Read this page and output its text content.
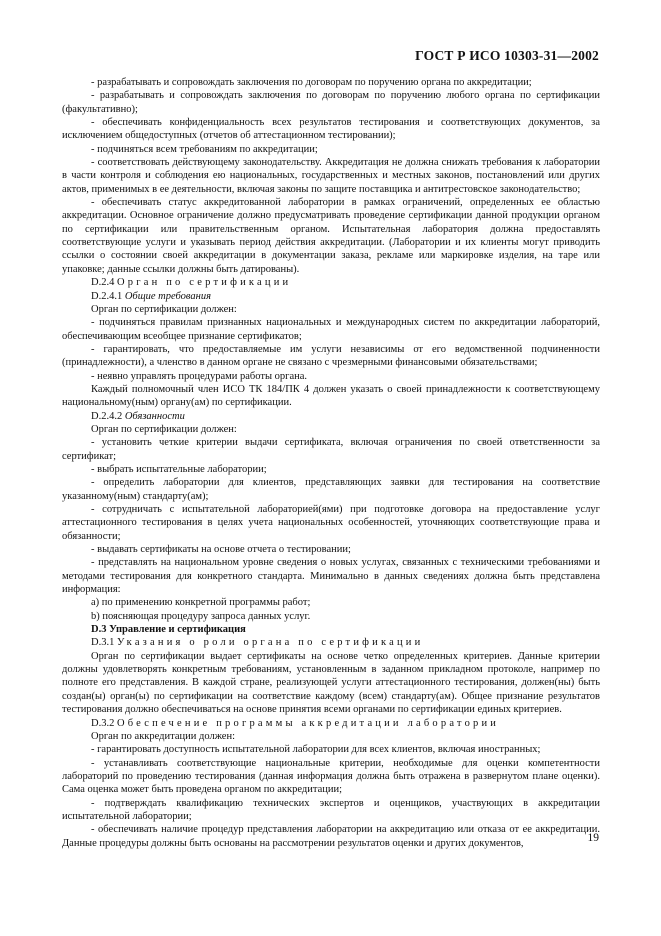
ГОСТ Р ИСО 10303-31—2002

- разрабатывать и сопровождать заключения по договорам по поручению органа по аккредитации;

- разрабатывать и сопровождать заключения по договорам по поручению любого органа по сертификации (факультативно);

- обеспечивать конфиденциальность всех результатов тестирования и соответствующих документов, за исключением общедоступных (отчетов об аттестационном тестировании);

- подчиняться всем требованиям по аккредитации;

- соответствовать действующему законодательству. Аккредитация не должна снижать требования к лаборатории в части контроля и соблюдения ею национальных, государственных и местных законов, постановлений или других актов, применимых в ее деятельности, включая законы по защите поставщика и антитрестовское законодательство;

- обеспечивать статус аккредитованной лаборатории в рамках ограничений, определенных ее областью аккредитации. Основное ограничение должно предусматривать проведение сертификации данной продукции органом по сертификации или правительственным органом. Испытательная лаборатория должна предоставлять соответствующие услуги и указывать период действия аккредитации. (Лаборатории и их клиенты могут приводить ссылки о состоянии своей аккредитации в документации заказа, рекламе или маркировке изделия, на таре или упаковке; данные ссылки должны быть датированы).

D.2.4 Орган по сертификации

D.2.4.1 Общие требования

Орган по сертификации должен:

- подчиняться правилам признанных национальных и международных систем по аккредитации лабораторий, обеспечивающим всеобщее признание сертификатов;

- гарантировать, что предоставляемые им услуги независимы от его ведомственной подчиненности (принадлежности), а членство в данном органе не связано с чрезмерными финансовыми обязательствами;

- неявно управлять процедурами работы органа.

Каждый полномочный член ИСО ТК 184/ПК 4 должен указать о своей принадлежности к соответствующему национальному(ным) органу(ам) по сертификации.

D.2.4.2 Обязанности

Орган по сертификации должен:

- установить четкие критерии выдачи сертификата, включая ограничения по своей ответственности за сертификат;

- выбрать испытательные лаборатории;

- определить лаборатории для клиентов, представляющих заявки для тестирования на соответствие указанному(ным) стандарту(ам);

- сотрудничать с испытательной лабораторией(ями) при подготовке договора на предоставление услуг аттестационного тестирования в целях учета национальных особенностей, уточняющих соответствующие права и обязанности;

- выдавать сертификаты на основе отчета о тестировании;

- представлять на национальном уровне сведения о новых услугах, связанных с техническими требованиями и методами тестирования для конкретного стандарта. Минимально в данных сведениях должна быть представлена информация:

а) по применению конкретной программы работ;

b) поясняющая процедуру запроса данных услуг.

D.3 Управление и сертификация

D.3.1 Указания о роли органа по сертификации

Орган по сертификации выдает сертификаты на основе четко определенных критериев. Данные критерии должны удовлетворять конкретным требованиям, установленным в заданном прикладном протоколе, например по полноте его представления. В каждой стране, реализующей услуги аттестационного тестирования, должен(ны) быть создан(ы) орган(ы) по сертификации на соответствие каждому (всем) стандарту(ам). Общее признание результатов тестирования должно обеспечиваться на основе принятия всеми органами по сертификации единых критериев.

D.3.2 Обеспечение программы аккредитации лаборатории

Орган по аккредитации должен:

- гарантировать доступность испытательной лаборатории для всех клиентов, включая иностранных;

- устанавливать соответствующие национальные критерии, необходимые для оценки компетентности лабораторий по проведению тестирования (данная информация должна быть отражена в развернутом плане оценки). Сама оценка может быть проведена органом по аккредитации;

- подтверждать квалификацию технических экспертов и оценщиков, участвующих в аккредитации испытательной лаборатории;

- обеспечивать наличие процедур представления лаборатории на аккредитацию или отказа от ее аккредитации. Данные процедуры должны быть основаны на рассмотрении результатов оценки и других документов,	19
